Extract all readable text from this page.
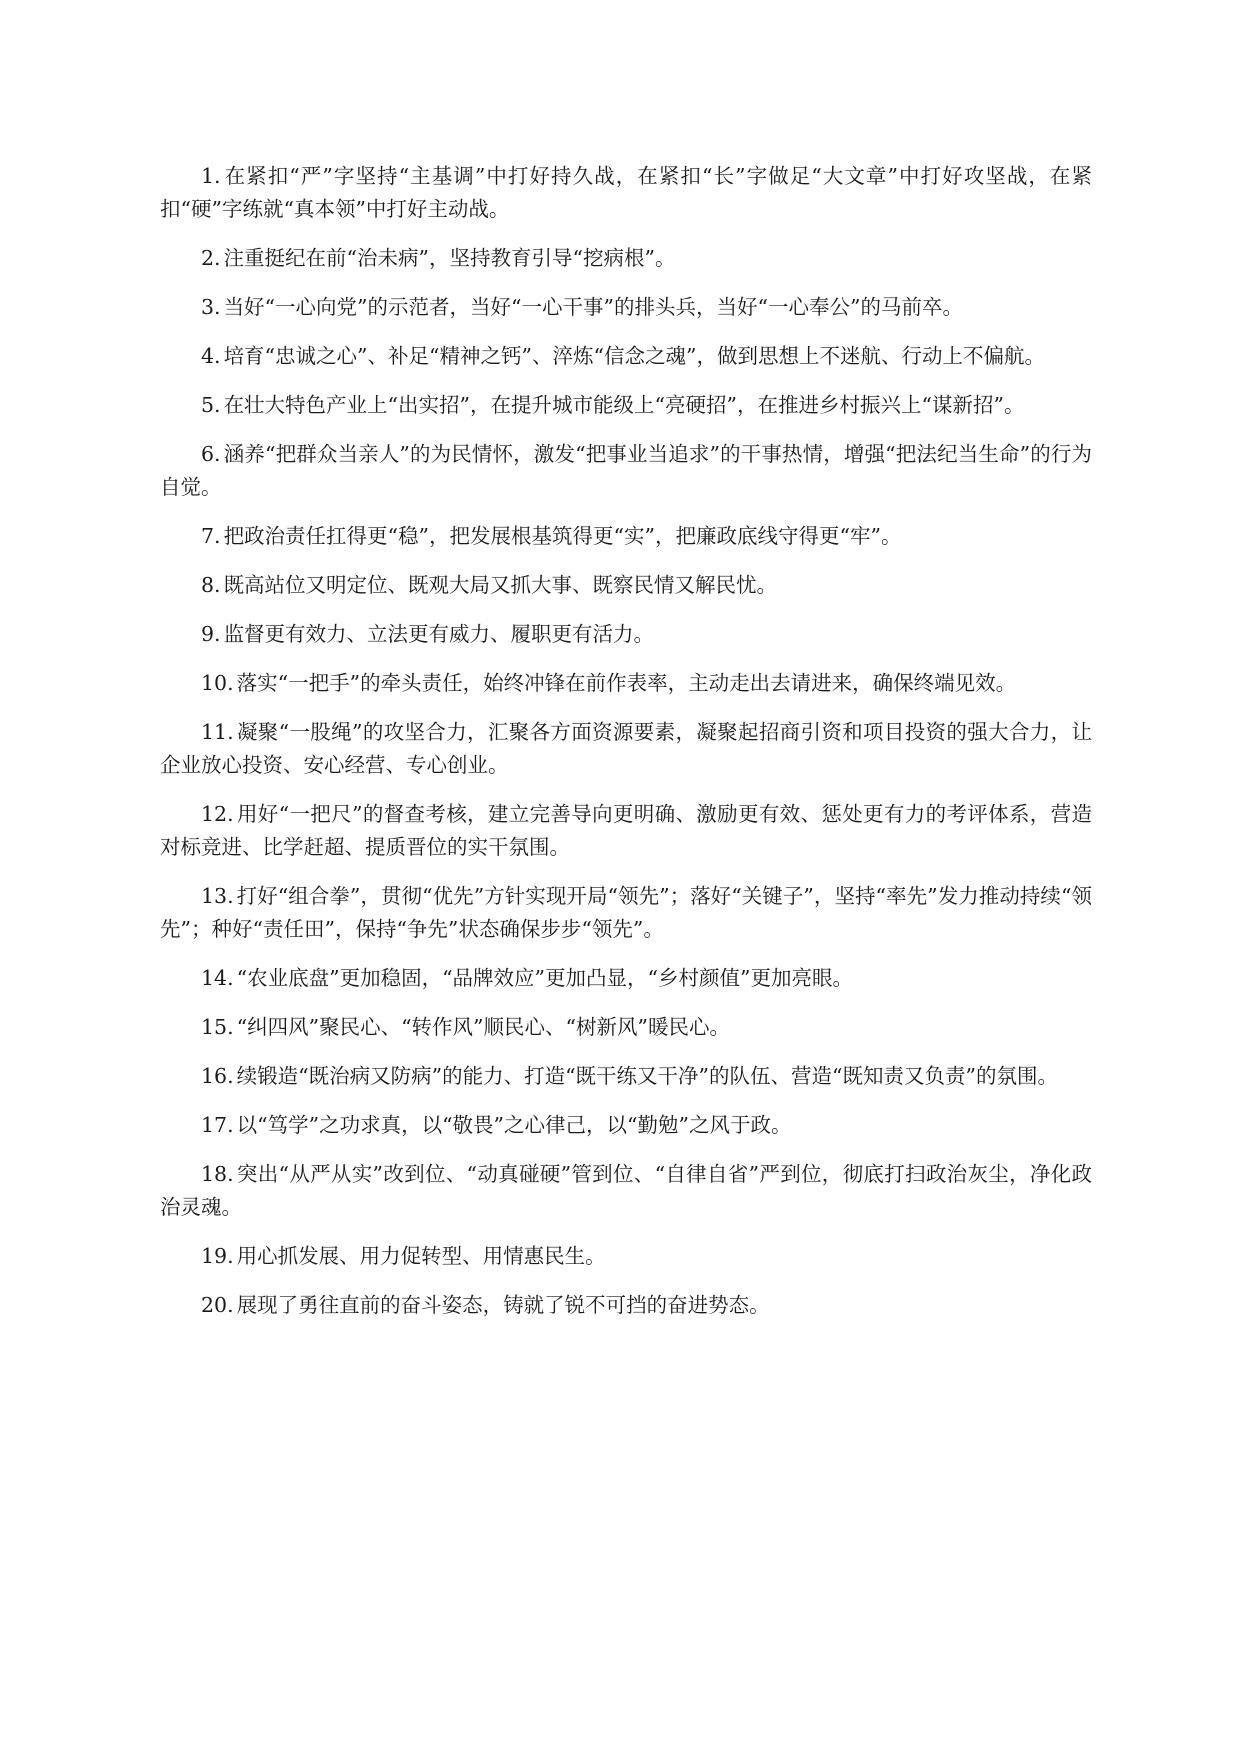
1. 在紧扣“严”字坚持“主基调”中打好持久战，在紧扣“长”字做足“大文章”中打好攻坚战，在紧扣“硬”字练就“真本领”中打好主动战。

2. 注重挺纪在前“治未病”，坚持教育引导“挖病根”。

3. 当好“一心向党”的示范者，当好“一心干事”的排头兵，当好“一心奉公”的马前卒。

4. 培育“忠诚之心”、补足“精神之钙”、淬炼“信念之魂”，做到思想上不迷航、行动上不偏航。

5. 在壮大特色产业上“出实招”，在提升城市能级上“亮硬招”，在推进乡村振兴上“谋新招”。

6. 涵养“把群众当亲人”的为民情怀，激发“把事业当追求”的干事热情，增强“把法纪当生命”的行为自觉。

7. 把政治责任扛得更“稳”，把发展根基筑得更“实”，把廉政底线守得更“牢”。

8. 既高站位又明定位、既观大局又抓大事、既察民情又解民忧。

9. 监督更有效力、立法更有威力、履职更有活力。

10. 落实“一把手”的牵头责任，始终冲锋在前作表率，主动走出去请进来，确保终端见效。

11. 凝聚“一股绳”的攻坚合力，汇聚各方面资源要素，凝聚起招商引资和项目投资的强大合力，让企业放心投资、安心经营、专心创业。

12. 用好“一把尺”的督查考核，建立完善导向更明确、激励更有效、惩处更有力的考评体系，营造对标竞进、比学赶超、提质晋位的实干氛围。

13. 打好“组合拳”，贯彻“优先”方针实现开局“领先”；落好“关键子”，坚持“率先”发力推动持续“领先”；种好“责任田”，保持“争先”状态确保步步“领先”。

14. “农业底盘”更加稳固，“品牌效应”更加凸显，“乡村颜值”更加亮眼。

15. “纠四风”聚民心、“转作风”顺民心、“树新风”暖民心。

16. 续锻造“既治病又防病”的能力、打造“既干练又干净”的队伍、营造“既知责又负责”的氛围。

17. 以“笃学”之功求真，以“敬畏”之心律己，以“勤勉”之风于政。

18. 突出“从严从实”改到位、“动真碰硬”管到位、“自律自省”严到位，彻底打扫政治灰尘，净化政治灵魂。

19. 用心抓发展、用力促转型、用情惠民生。

20. 展现了勇往直前的奋斗姿态，铸就了锐不可挡的奋进势态。
